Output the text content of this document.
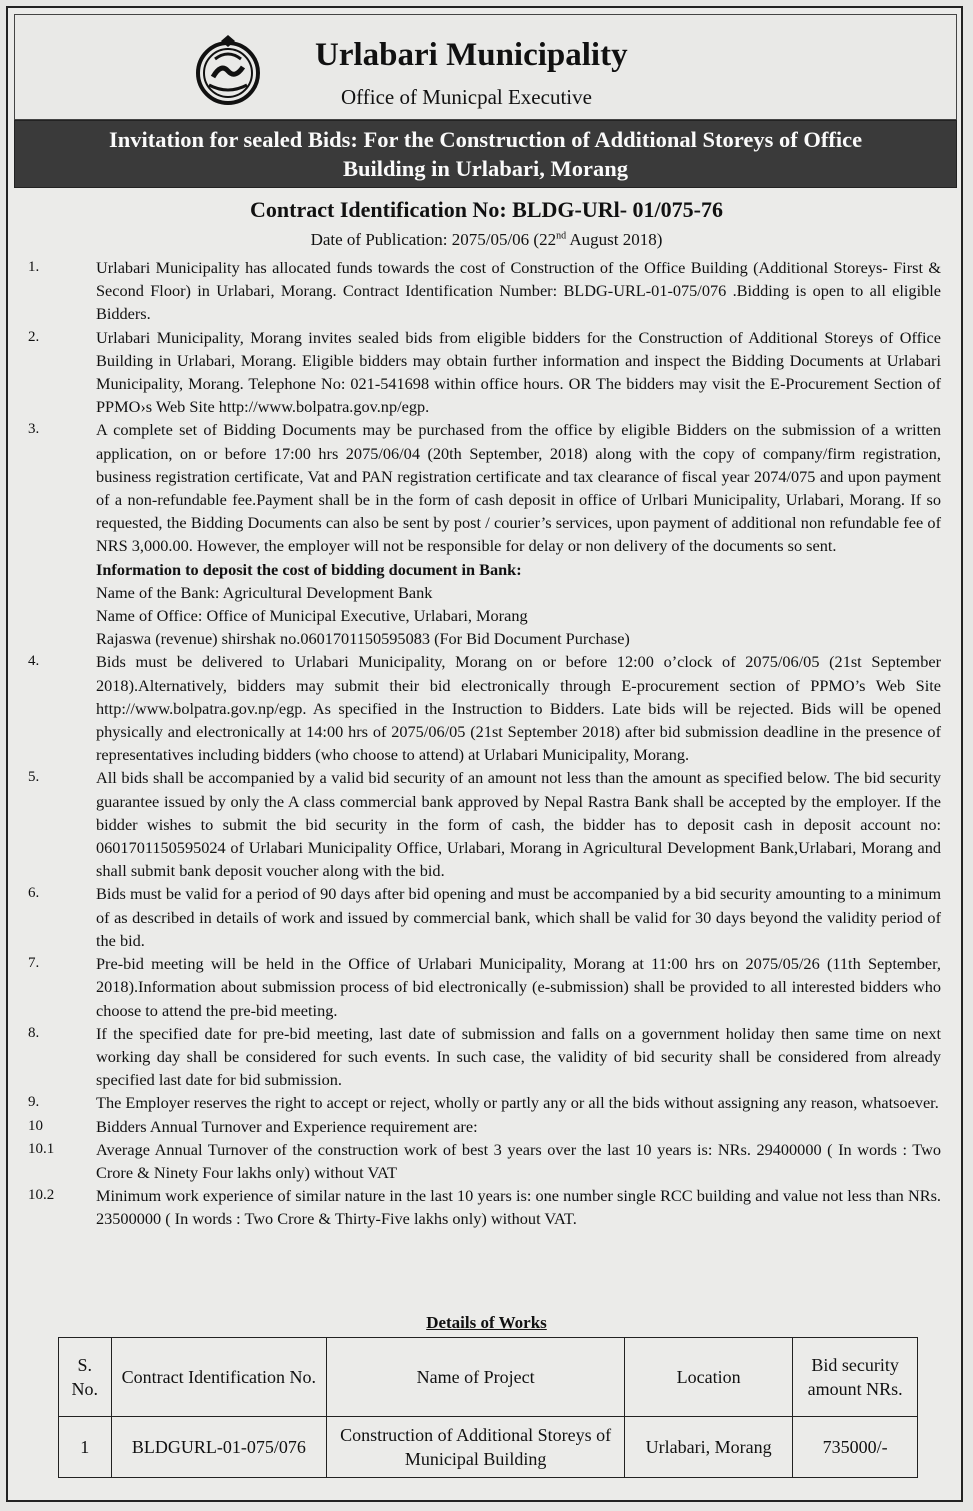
Urlabari Municipality
Office of Municpal Executive
Invitation for sealed Bids: For the Construction of Additional Storeys of Office
Building in Urlabari, Morang
Contract Identification No: BLDG-URl- 01/075-76
Date of Publication: 2075/05/06 (22nd August 2018)
1.	Urlabari Municipality has allocated funds towards the cost of Construction of the Office Building (Additional Storeys- First & Second Floor) in Urlabari, Morang. Contract Identification Number: BLDG-URL-01-075/076 .Bidding is open to all eligible Bidders.
2.	Urlabari Municipality, Morang invites sealed bids from eligible bidders for the Construction of Additional Storeys of Office Building in Urlabari, Morang. Eligible bidders may obtain further information and inspect the Bidding Documents at Urlabari Municipality, Morang. Telephone No: 021-541698 within office hours. OR The bidders may visit the E-Procurement Section of PPMO›s Web Site http://www.bolpatra.gov.np/egp.
3.	A complete set of Bidding Documents may be purchased from the office by eligible Bidders on the submission of a written application, on or before 17:00 hrs 2075/06/04 (20th September, 2018) along with the copy of company/firm registration, business registration certificate, Vat and PAN registration certificate and tax clearance of fiscal year 2074/075 and upon payment of a non-refundable fee.Payment shall be in the form of cash deposit in office of Urlbari Municipality, Urlabari, Morang. If so requested, the Bidding Documents can also be sent by post / courier’s services, upon payment of additional non refundable fee of NRS 3,000.00. However, the employer will not be responsible for delay or non delivery of the documents so sent.
Information to deposit the cost of bidding document in Bank:
Name of the Bank: Agricultural Development Bank
Name of Office: Office of Municipal Executive, Urlabari, Morang
Rajaswa (revenue) shirshak no.0601701150595083 (For Bid Document Purchase)
4.	Bids must be delivered to Urlabari Municipality, Morang on or before 12:00 o’clock of 2075/06/05 (21st September 2018).Alternatively, bidders may submit their bid electronically through E-procurement section of PPMO’s Web Site http://www.bolpatra.gov.np/egp. As specified in the Instruction to Bidders. Late bids will be rejected. Bids will be opened physically and electronically at 14:00 hrs of 2075/06/05 (21st September 2018) after bid submission deadline in the presence of representatives including bidders (who choose to attend) at Urlabari Municipality, Morang.
5.	All bids shall be accompanied by a valid bid security of an amount not less than the amount as specified below. The bid security guarantee issued by only the A class commercial bank approved by Nepal Rastra Bank shall be accepted by the employer. If the bidder wishes to submit the bid security in the form of cash, the bidder has to deposit cash in deposit account no: 0601701150595024 of Urlabari Municipality Office, Urlabari, Morang in Agricultural Development Bank,Urlabari, Morang and shall submit bank deposit voucher along with the bid.
6.	Bids must be valid for a period of 90 days after bid opening and must be accompanied by a bid security amounting to a minimum of as described in details of work and issued by commercial bank, which shall be valid for 30 days beyond the validity period of the bid.
7.	Pre-bid meeting will be held in the Office of Urlabari Municipality, Morang at 11:00 hrs on 2075/05/26 (11th September, 2018).Information about submission process of bid electronically (e-submission) shall be provided to all interested bidders who choose to attend the pre-bid meeting.
8.	If the specified date for pre-bid meeting, last date of submission and falls on a government holiday then same time on next working day shall be considered for such events. In such case, the validity of bid security shall be considered from already specified last date for bid submission.
9.	The Employer reserves the right to accept or reject, wholly or partly any or all the bids without assigning any reason, whatsoever.
10	Bidders Annual Turnover and Experience requirement are:
10.1	Average Annual Turnover of the construction work of best 3 years over the last 10 years is: NRs. 29400000 ( In words : Two Crore & Ninety Four lakhs only) without VAT
10.2	Minimum work experience of similar nature in the last 10 years is: one number single RCC building and value not less than NRs. 23500000 ( In words : Two Crore & Thirty-Five lakhs only) without VAT.
Details of Works
S. No.	Contract Identification No.	Name of Project	Location	Bid security amount NRs.
1	BLDGURL-01-075/076	Construction of Additional Storeys of Municipal Building	Urlabari, Morang	735000/-
